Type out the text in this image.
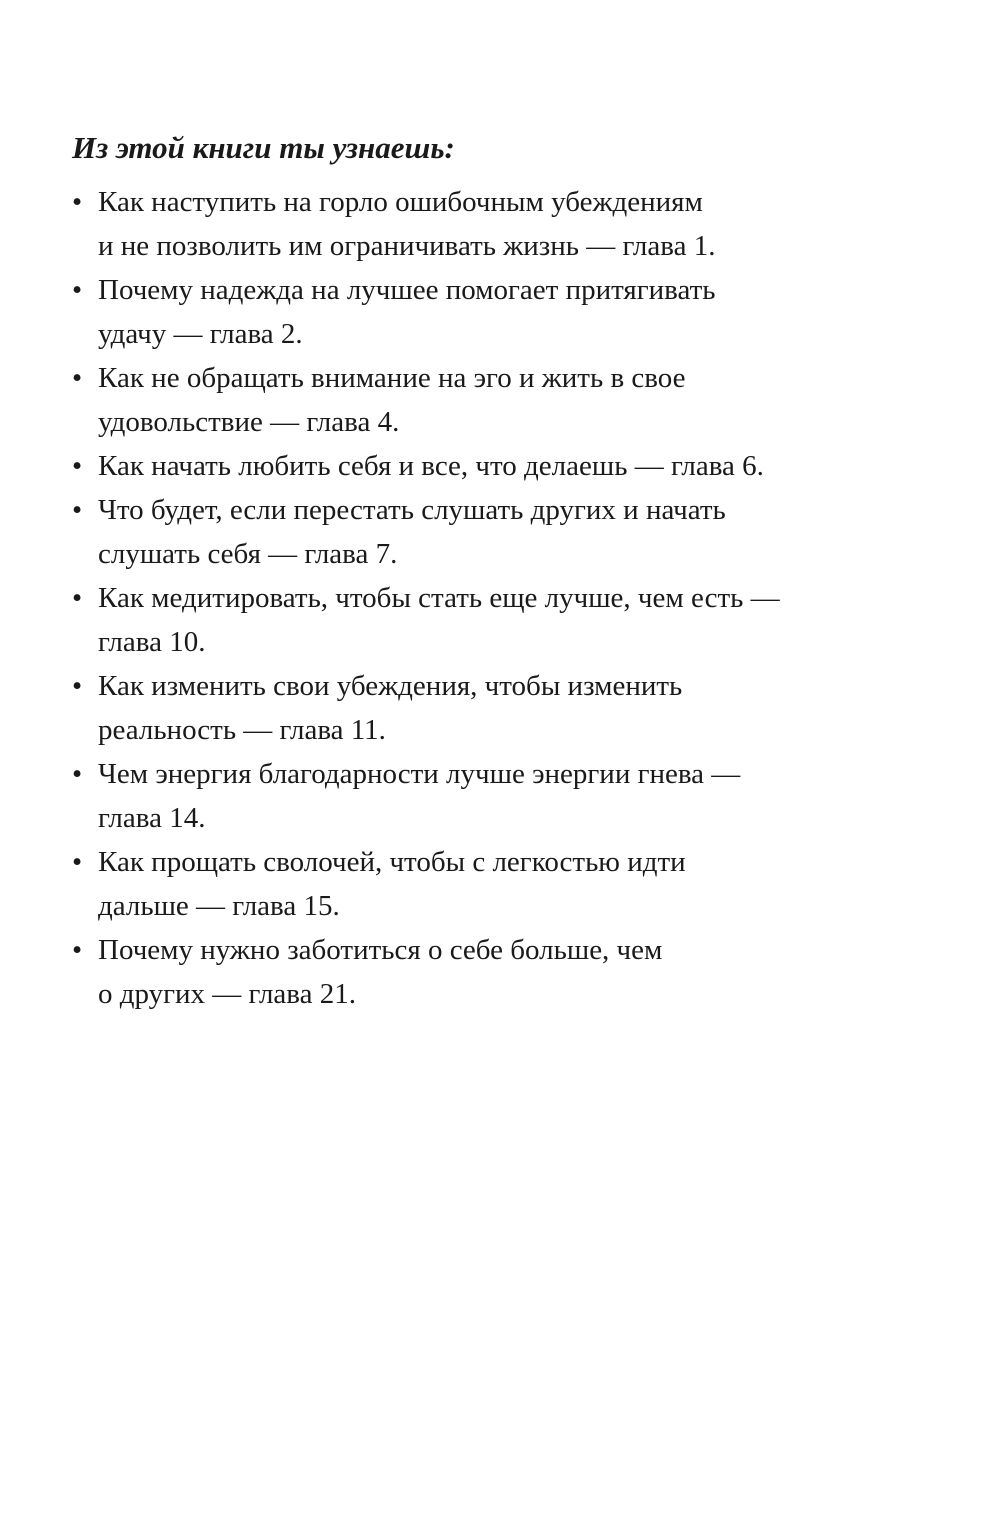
Из этой книги ты узнаешь:
• Как наступить на горло ошибочным убеждениям
и не позволить им ограничивать жизнь — глава 1.
• Почему надежда на лучшее помогает притягивать
удачу — глава 2.
• Как не обращать внимание на эго и жить в свое
удовольствие — глава 4.
• Как начать любить себя и все, что делаешь — глава 6.
• Что будет, если перестать слушать других и начать
слушать себя — глава 7.
• Как медитировать, чтобы стать еще лучше, чем есть —
глава 10.
• Как изменить свои убеждения, чтобы изменить
реальность — глава 11.
• Чем энергия благодарности лучше энергии гнева —
глава 14.
• Как прощать сволочей, чтобы с легкостью идти
дальше — глава 15.
• Почему нужно заботиться о себе больше, чем
о других — глава 21.
